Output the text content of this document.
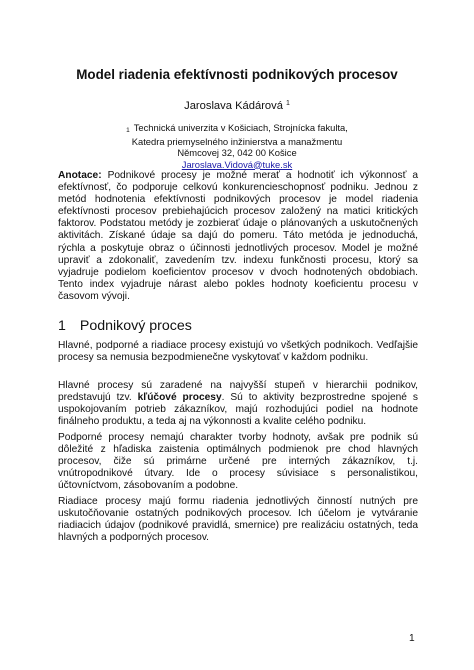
Model riadenia efektívnosti podnikových procesov
Jaroslava Kádárová $^1$
1 Technická univerzita v Košiciach, Strojnícka fakulta,
Katedra priemyselného inžinierstva a manažmentu
Němcovej 32, 042 00 Košice
Jaroslava.Vidová@tuke.sk
Anotace: Podnikové procesy je možné merať a hodnotiť ich výkonnosť a efektívnosť, čo podporuje celkovú konkurencieschopnosť podniku. Jednou z metód hodnotenia efektívnosti podnikových procesov je model riadenia efektívnosti procesov prebiehajúcich procesov založený na matici kritických faktorov. Podstatou metódy je zozbierať údaje o plánovaných a uskutočnených aktivitách. Získané údaje sa dajú do pomeru. Táto metóda je jednoduchá, rýchla a poskytuje obraz o účinnosti jednotlivých procesov. Model je možné upraviť a zdokonaliť, zavedením tzv. indexu funkčnosti procesu, ktorý sa vyjadruje podielom koeficientov procesov v dvoch hodnotených obdobiach. Tento index vyjadruje nárast alebo pokles hodnoty koeficientu procesu v časovom vývoji.
1 Podnikový proces
Hlavné, podporné a riadiace procesy existujú vo všetkých podnikoch. Vedľajšie procesy sa nemusia bezpodmienečne vyskytovať v každom podniku.
Hlavné procesy sú zaradené na najvyšší stupeň v hierarchii podnikov, predstavujú tzv. kľúčové procesy. Sú to aktivity bezprostredne spojené s uspokojovaním potrieb zákazníkov, majú rozhodujúci podiel na hodnote finálneho produktu, a teda aj na výkonnosti a kvalite celého podniku.
Podporné procesy nemajú charakter tvorby hodnoty, avšak pre podnik sú dôležité z hľadiska zaistenia optimálnych podmienok pre chod hlavných procesov, čiže sú primárne určené pre interných zákazníkov, t.j. vnútropodnikové útvary. Ide o procesy súvisiace s personalistikou, účtovníctvom, zásobovaním a podobne.
Riadiace procesy majú formu riadenia jednotlivých činností nutných pre uskutočňovanie ostatných podnikových procesov. Ich účelom je vytváranie riadiacich údajov (podnikové pravidlá, smernice) pre realizáciu ostatných, teda hlavných a podporných procesov.
1
